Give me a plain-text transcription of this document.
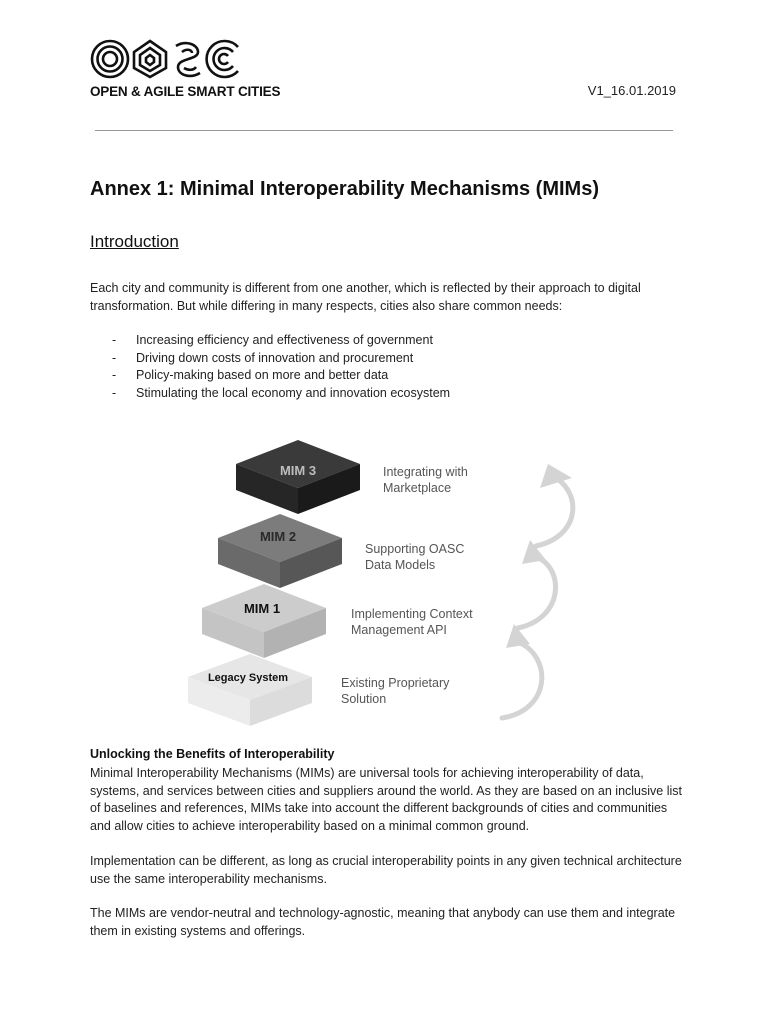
OPEN & AGILE SMART CITIES	V1_16.01.2019
Annex 1: Minimal Interoperability Mechanisms (MIMs)
Introduction

Each city and community is different from one another, which is reflected by their approach to digital transformation. But while differing in many respects, cities also share common needs:

- Increasing efficiency and effectiveness of government
- Driving down costs of innovation and procurement
- Policy-making based on more and better data
- Stimulating the local economy and innovation ecosystem
MIM 3
MIM 2
MIM 1
Legacy System
Integrating with
Marketplace
Supporting OASC
Data Models
Implementing Context
Management API
Existing Proprietary
Solution
Unlocking the Benefits of Interoperability

Minimal Interoperability Mechanisms (MIMs) are universal tools for achieving interoperability of data, systems, and services between cities and suppliers around the world. As they are based on an inclusive list of baselines and references, MIMs take into account the different backgrounds of cities and communities and allow cities to achieve interoperability based on a minimal common ground.

Implementation can be different, as long as crucial interoperability points in any given technical architecture use the same interoperability mechanisms.

The MIMs are vendor-neutral and technology-agnostic, meaning that anybody can use them and integrate them in existing systems and offerings.
